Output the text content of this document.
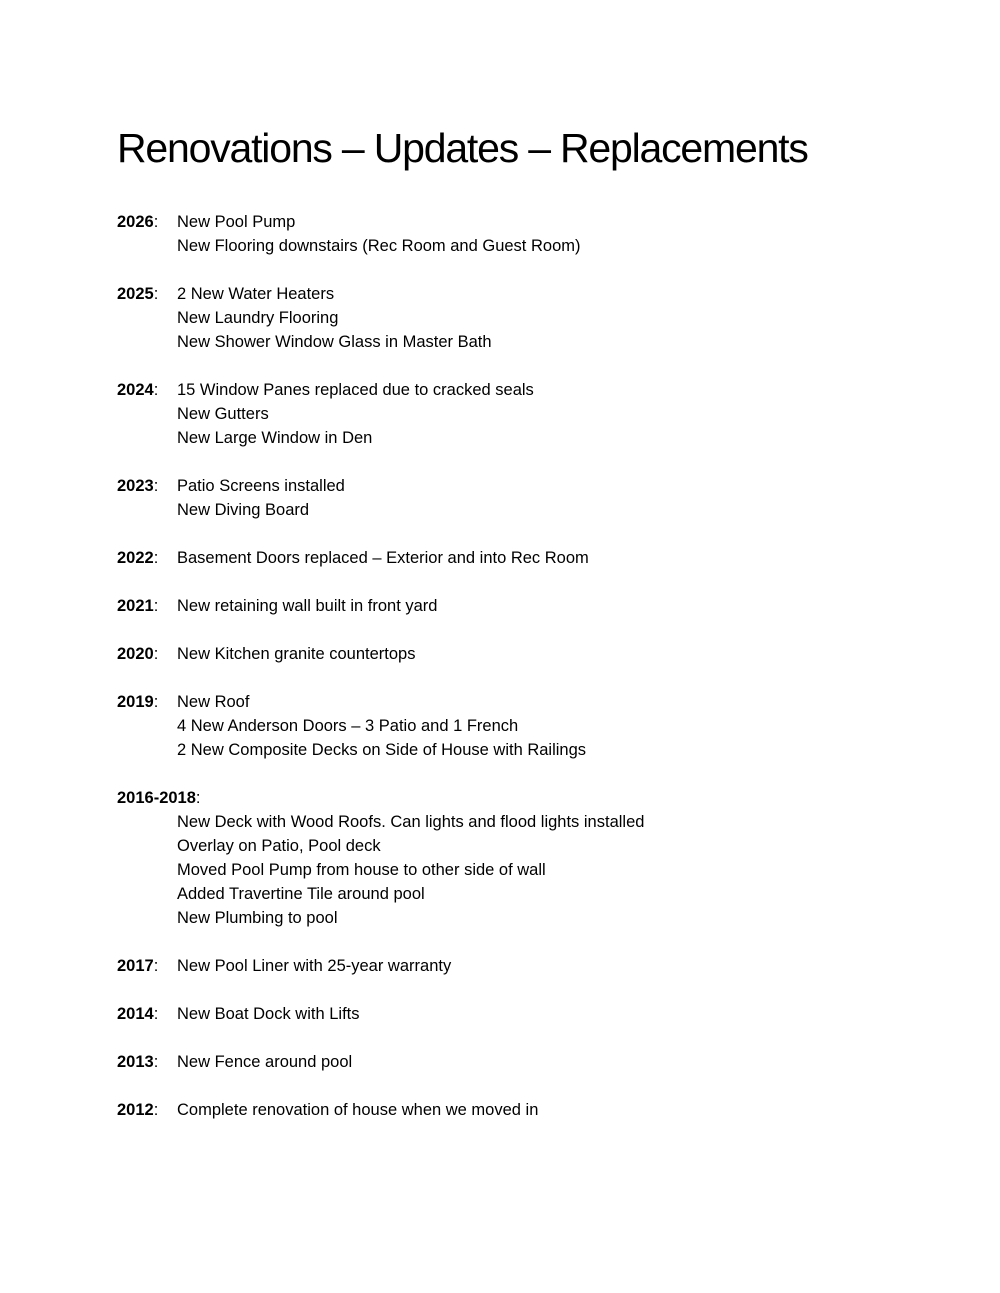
Renovations – Updates – Replacements
2026: New Pool Pump
New Flooring downstairs (Rec Room and Guest Room)
2025: 2 New Water Heaters
New Laundry Flooring
New Shower Window Glass in Master Bath
2024: 15 Window Panes replaced due to cracked seals
New Gutters
New Large Window in Den
2023: Patio Screens installed
New Diving Board
2022: Basement Doors replaced – Exterior and into Rec Room
2021: New retaining wall built in front yard
2020: New Kitchen granite countertops
2019: New Roof
4 New Anderson Doors – 3 Patio and 1 French
2 New Composite Decks on Side of House with Railings
2016-2018:
New Deck with Wood Roofs. Can lights and flood lights installed
Overlay on Patio, Pool deck
Moved Pool Pump from house to other side of wall
Added Travertine Tile around pool
New Plumbing to pool
2017: New Pool Liner with 25-year warranty
2014: New Boat Dock with Lifts
2013: New Fence around pool
2012: Complete renovation of house when we moved in
